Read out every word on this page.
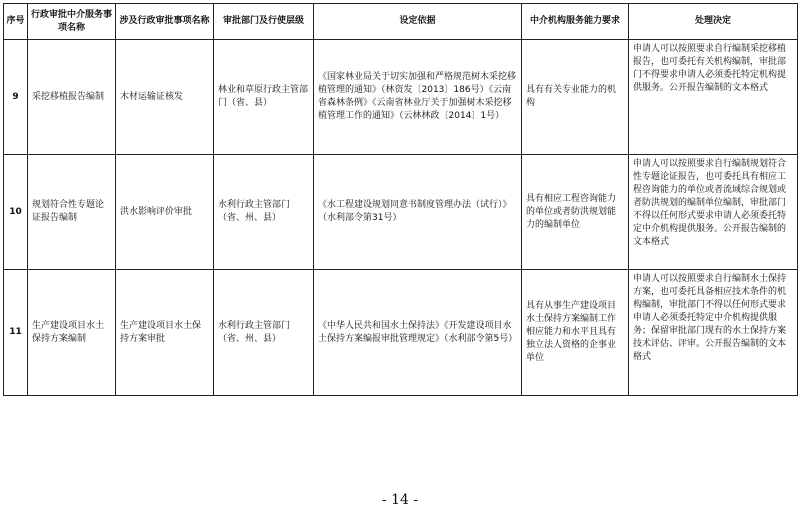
序号	行政审批中介服务事项名称	涉及行政审批事项名称	审批部门及行使层级	设定依据	中介机构服务能力要求	处理决定
9	采挖移植报告编制	木材运输证核发	林业和草原行政主管部门（省、县）	《国家林业局关于切实加强和严格规范树木采挖移植管理的通知》（林资发〔2013〕186号）《云南省森林条例》《云南省林业厅关于加强树木采挖移植管理工作的通知》（云林林政〔2014〕1号）	具有有关专业能力的机构	申请人可以按照要求自行编制采挖移植报告，也可委托有关机构编制，审批部门不得要求申请人必须委托特定机构提供服务。公开报告编制的文本格式
10	规划符合性专题论证报告编制	洪水影响评价审批	水利行政主管部门（省、州、县）	《水工程建设规划同意书制度管理办法（试行）》（水利部令第31号）	具有相应工程咨询能力的单位或者防洪规划能力的编制单位	申请人可以按照要求自行编制规划符合性专题论证报告，也可委托具有相应工程咨询能力的单位或者流域综合规划或者防洪规划的编制单位编制，审批部门不得以任何形式要求申请人必须委托特定中介机构提供服务。公开报告编制的文本格式
11	生产建设项目水土保持方案编制	生产建设项目水土保持方案审批	水利行政主管部门（省、州、县）	《中华人民共和国水土保持法》《开发建设项目水土保持方案编报审批管理规定》（水利部令第5号）	具有从事生产建设项目水土保持方案编制工作相应能力和水平且具有独立法人资格的企事业单位	申请人可以按照要求自行编制水土保持方案，也可委托具备相应技术条件的机构编制，审批部门不得以任何形式要求申请人必须委托特定中介机构提供服务；保留审批部门现有的水土保持方案技术评估、评审。公开报告编制的文本格式
- 14 -
